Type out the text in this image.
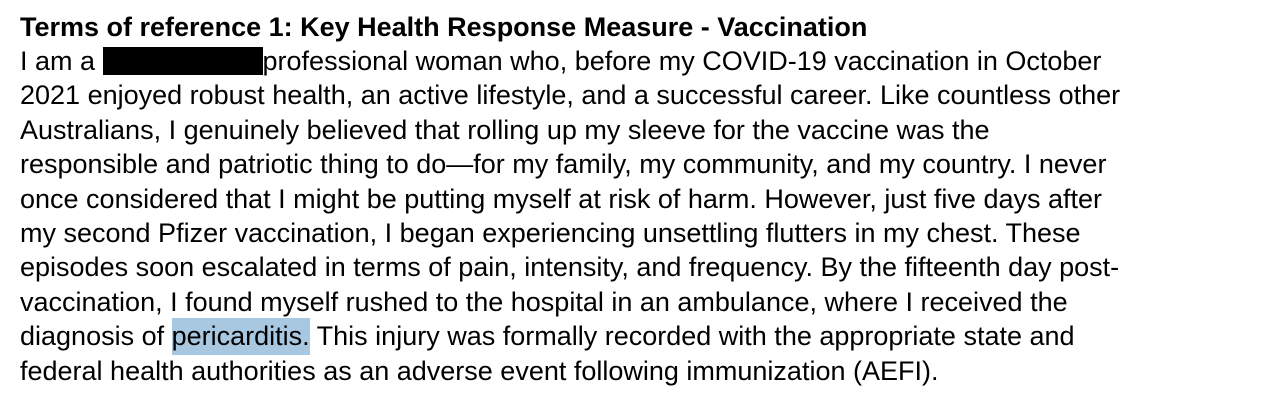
Terms of reference 1: Key Health Response Measure - Vaccination

I am a	professional woman who, before my COVID-19 vaccination in October

2021 enjoyed robust health, an active lifestyle, and a successful career. Like countless other

Australians, I genuinely believed that rolling up my sleeve for the vaccine was the

responsible and patriotic thing to do—for my family, my community, and my country. I never

once considered that I might be putting myself at risk of harm. However, just five days after

my second Pfizer vaccination, I began experiencing unsettling flutters in my chest. These

episodes soon escalated in terms of pain, intensity, and frequency. By the fifteenth day post-

vaccination, I found myself rushed to the hospital in an ambulance, where I received the

diagnosis of pericarditis. This injury was formally recorded with the appropriate state and

federal health authorities as an adverse event following immunization (AEFI).
